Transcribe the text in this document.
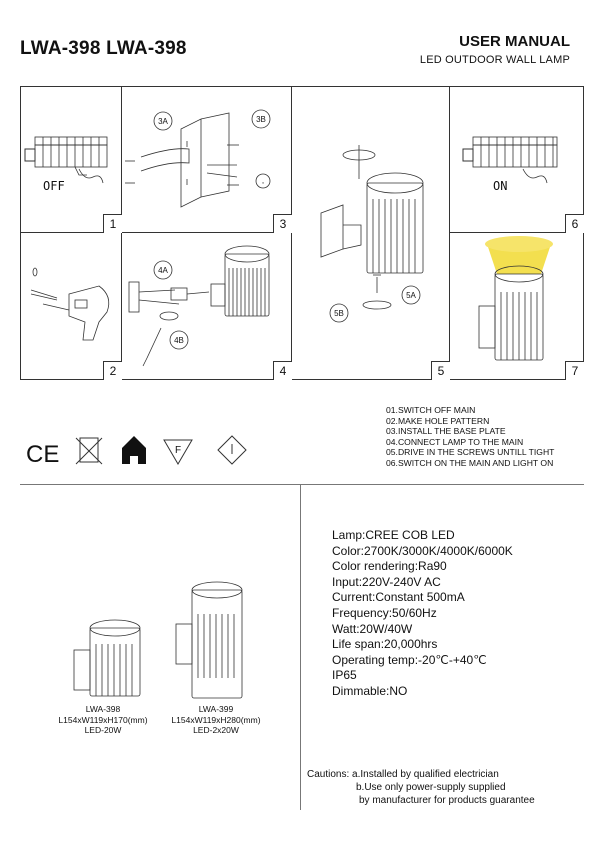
LWA-398 LWA-398	USER MANUAL
LED OUTDOOR WALL LAMP
1
2
3
4	5
6
7
OFF	◦
3A	3B
4A
4B
5A
5B
ON
01.SWITCH OFF MAIN
02.MAKE HOLE PATTERN
03.INSTALL THE BASE PLATE
04.CONNECT LAMP TO THE MAIN
05.DRIVE IN THE SCREWS UNTILL TIGHT
06.SWITCH ON THE MAIN AND LIGHT ON
CE	F
LWA-398
L154xW119xH170(mm)
LED-20W
LWA-399
L154xW119xH280(mm)
LED-2x20W
Lamp:CREE COB LED
Color:2700K/3000K/4000K/6000K
Color rendering:Ra90
Input:220V-240V AC
Current:Constant 500mA
Frequency:50/60Hz
Watt:20W/40W
Life span:20,000hrs
Operating temp:-20℃-+40℃
IP65
Dimmable:NO
Cautions: a.Installed by qualified electrician
b.Use only power-supply supplied
by manufacturer for products guarantee
